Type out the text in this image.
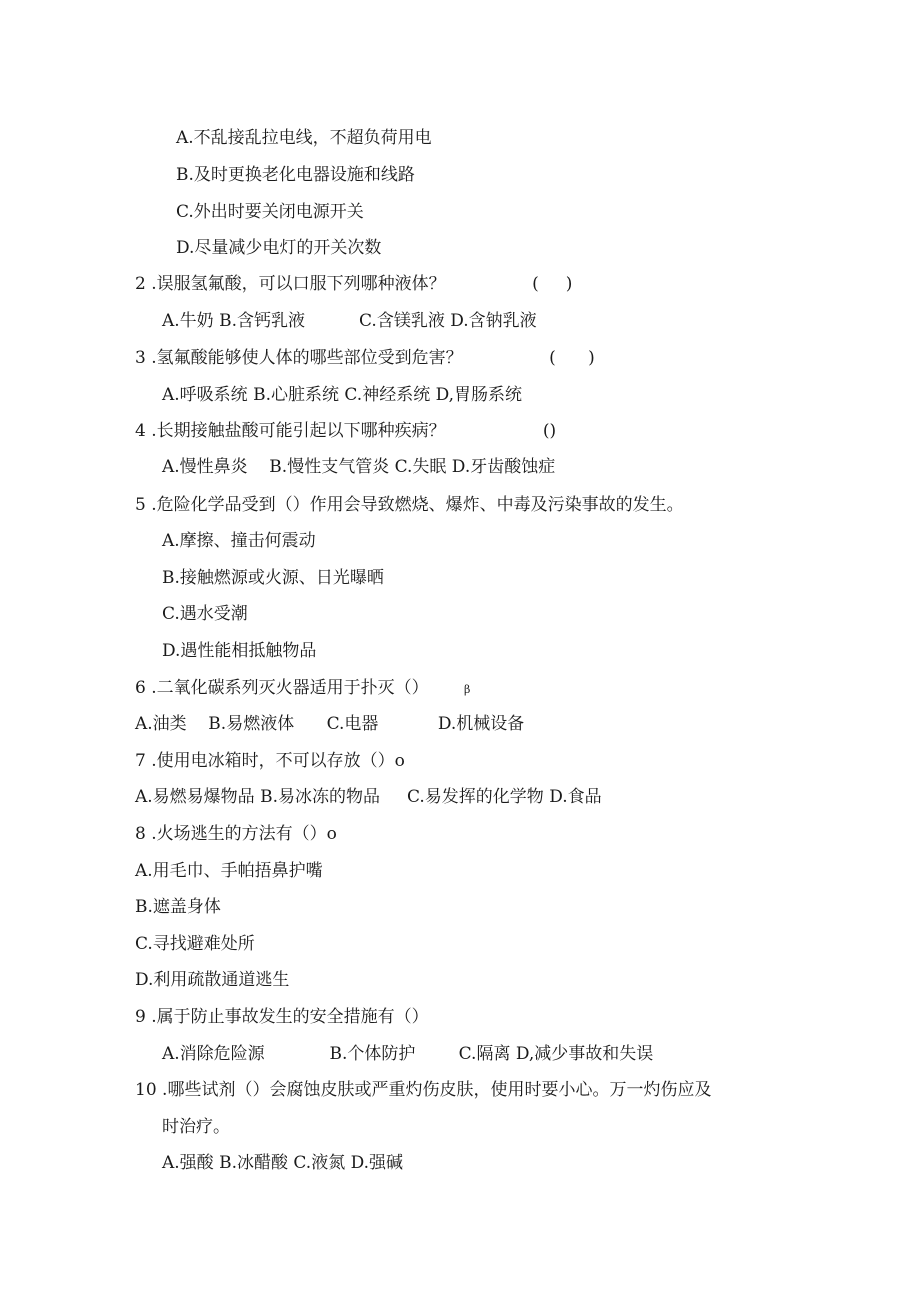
A.不乱接乱拉电线，不超负荷用电
B.及时更换老化电器设施和线路
C.外出时要关闭电源开关
D.尽量减少电灯的开关次数
2 .误服氢氟酸，可以口服下列哪种液体？                (     )
A.牛奶 B.含钙乳液          C.含镁乳液 D.含钠乳液
3 .氢氟酸能够使人体的哪些部位受到危害？                (      )
A.呼吸系统 B.心脏系统 C.神经系统 D,胃肠系统
4 .长期接触盐酸可能引起以下哪种疾病？                  ()
A.慢性鼻炎    B.慢性支气管炎 C.失眠 D.牙齿酸蚀症
5 .危险化学品受到（）作用会导致燃烧、爆炸、中毒及污染事故的发生。
A.摩擦、撞击何震动
B.接触燃源或火源、日光曝晒
C.遇水受潮
D.遇性能相抵触物品
6 .二氧化碳系列灭火器适用于扑灭（）	β
A.油类    B.易燃液体      C.电器           D.机械设备
7 .使用电冰箱时，不可以存放（）o
A.易燃易爆物品 B.易冰冻的物品     C.易发挥的化学物 D.食品
8 .火场逃生的方法有（）o
A.用毛巾、手帕捂鼻护嘴
B.遮盖身体
C.寻找避难处所
D.利用疏散通道逃生
9 .属于防止事故发生的安全措施有（）
A.消除危险源            B.个体防护        C.隔离 D,减少事故和失误
10 .哪些试剂（）会腐蚀皮肤或严重灼伤皮肤，使用时要小心。万一灼伤应及
时治疗。
A.强酸 B.冰醋酸 C.液氮 D.强碱
